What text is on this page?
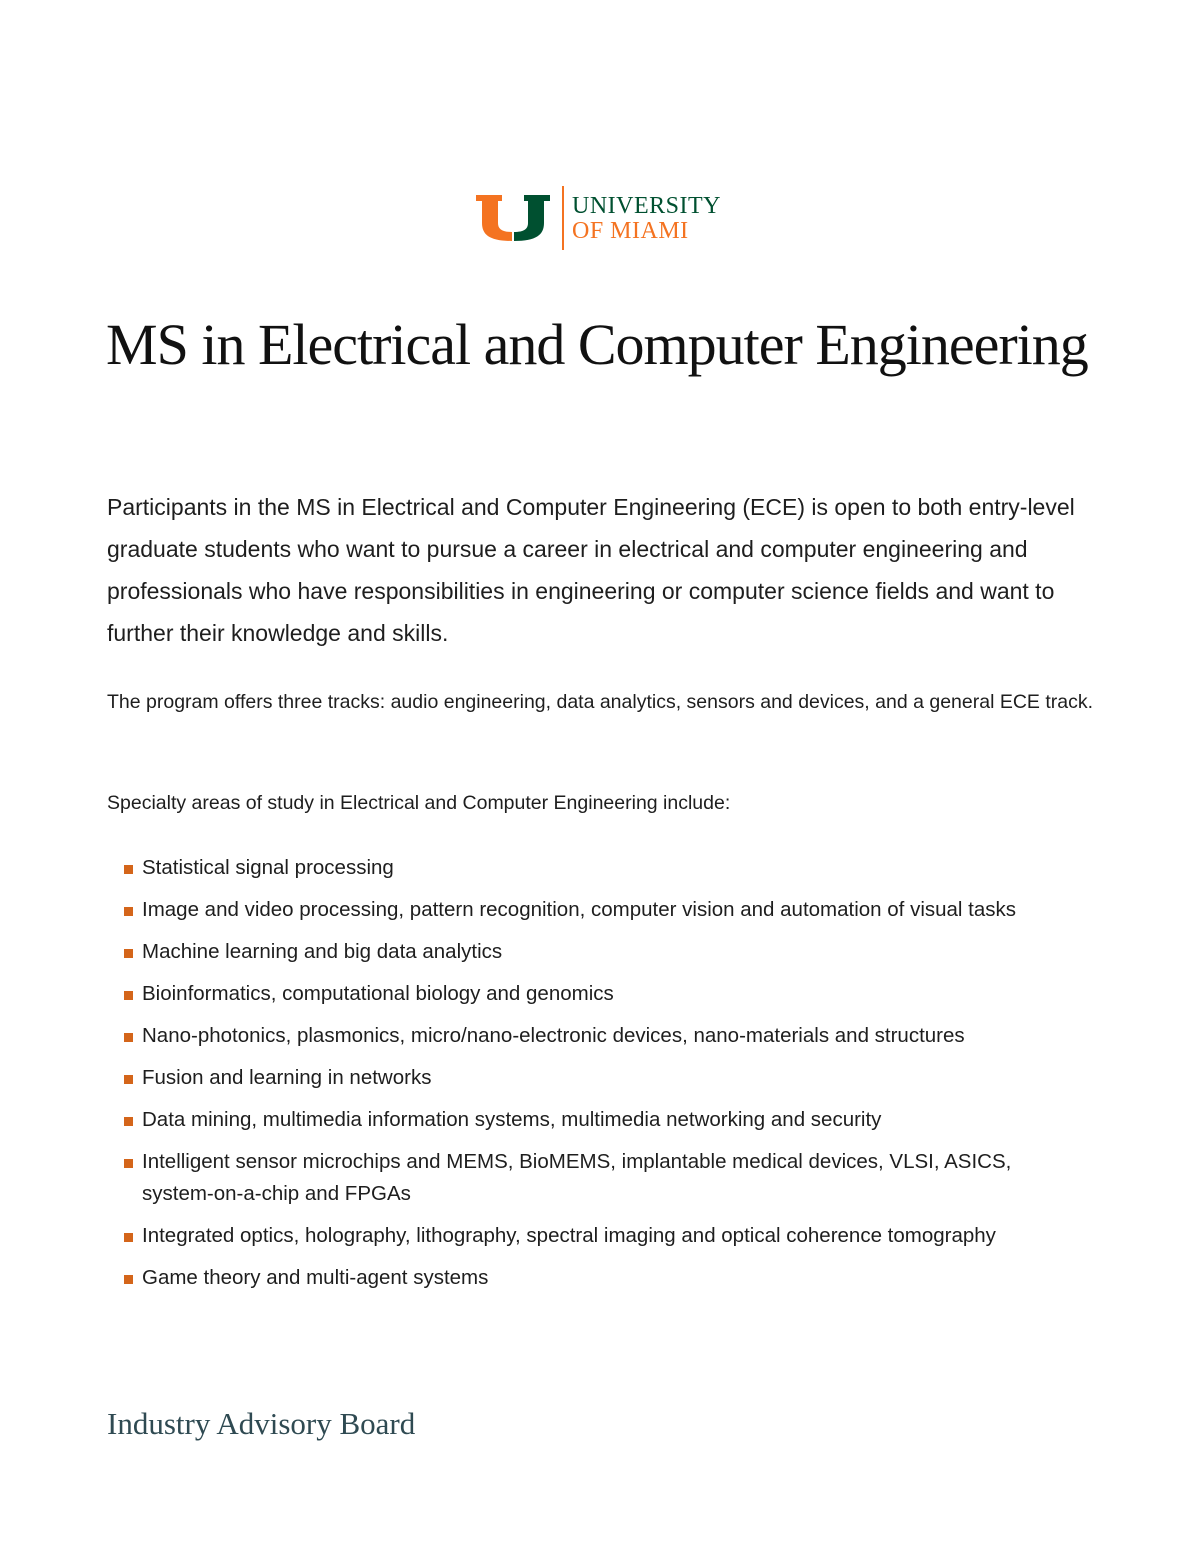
UNIVERSITY
OF MIAMI
MS in Electrical and Computer Engineering

Participants in the MS in Electrical and Computer Engineering (ECE) is open to both entry-level graduate students who want to pursue a career in electrical and computer engineering and professionals who have responsibilities in engineering or computer science fields and want to further their knowledge and skills.

The program offers three tracks: audio engineering, data analytics, sensors and devices, and a general ECE track.

Specialty areas of study in Electrical and Computer Engineering include:

Statistical signal processing
Image and video processing, pattern recognition, computer vision and automation of visual tasks
Machine learning and big data analytics
Bioinformatics, computational biology and genomics
Nano-photonics, plasmonics, micro/nano-electronic devices, nano-materials and structures
Fusion and learning in networks
Data mining, multimedia information systems, multimedia networking and security
Intelligent sensor microchips and MEMS, BioMEMS, implantable medical devices, VLSI, ASICS, system-on-a-chip and FPGAs
Integrated optics, holography, lithography, spectral imaging and optical coherence tomography
Game theory and multi-agent systems
Industry Advisory Board
